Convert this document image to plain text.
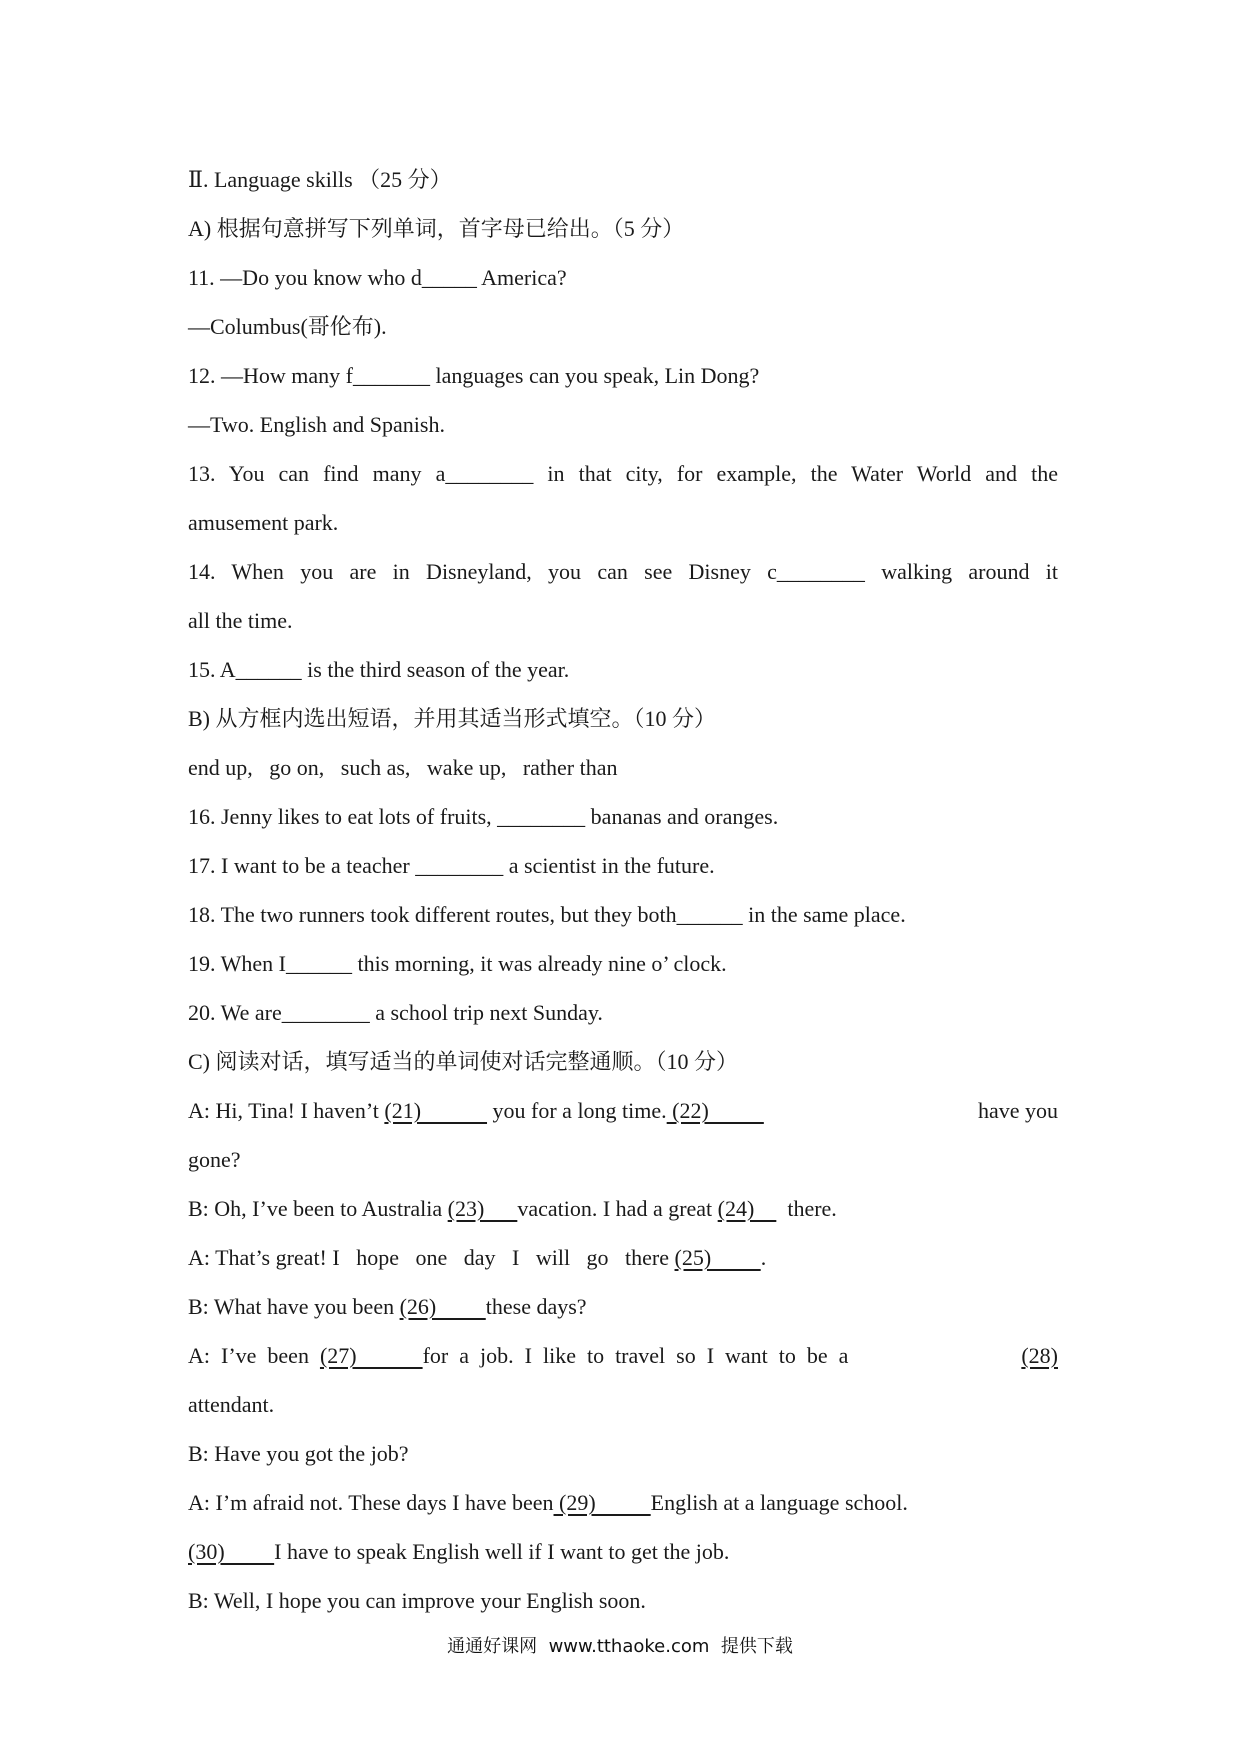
Ⅱ. Language skills （25 分）
A) 根据句意拼写下列单词，首字母已给出。（5 分）
11. —Do you know who d_____ America?
—Columbus(哥伦布).
12. —How many f_______ languages can you speak, Lin Dong?
—Two. English and Spanish.
13. You can find many a________ in that city, for example, the Water World and the
amusement park.
14. When you are in Disneyland, you can see Disney c________ walking around it
all the time.
15. A______ is the third season of the year.
B) 从方框内选出短语，并用其适当形式填空。（10 分）
end up,   go on,   such as,   wake up,   rather than
16. Jenny likes to eat lots of fruits, ________ bananas and oranges.
17. I want to be a teacher ________ a scientist in the future.
18. The two runners took different routes, but they both______ in the same place.
19. When I______ this morning, it was already nine o’ clock.
20. We are________ a school trip next Sunday.
C) 阅读对话，填写适当的单词使对话完整通顺。（10 分）
A: Hi, Tina! I haven’t (21)             you for a long time. (22)	have you
gone?
B: Oh, I’ve been to Australia (23)      vacation. I had a great (24)      there.
A: That’s great! I   hope   one   day   I   will   go   there (25)         .
B: What have you been (26)         these days?
A:  I’ve  been  (27)            for  a  job.  I  like  to  travel  so  I  want  to  be  a	(28)
attendant.
B: Have you got the job?
A: I’m afraid not. These days I have been (29)          English at a language school.
(30)         I have to speak English well if I want to get the job.
B: Well, I hope you can improve your English soon.
通通好课网  www.tthaoke.com  提供下载
